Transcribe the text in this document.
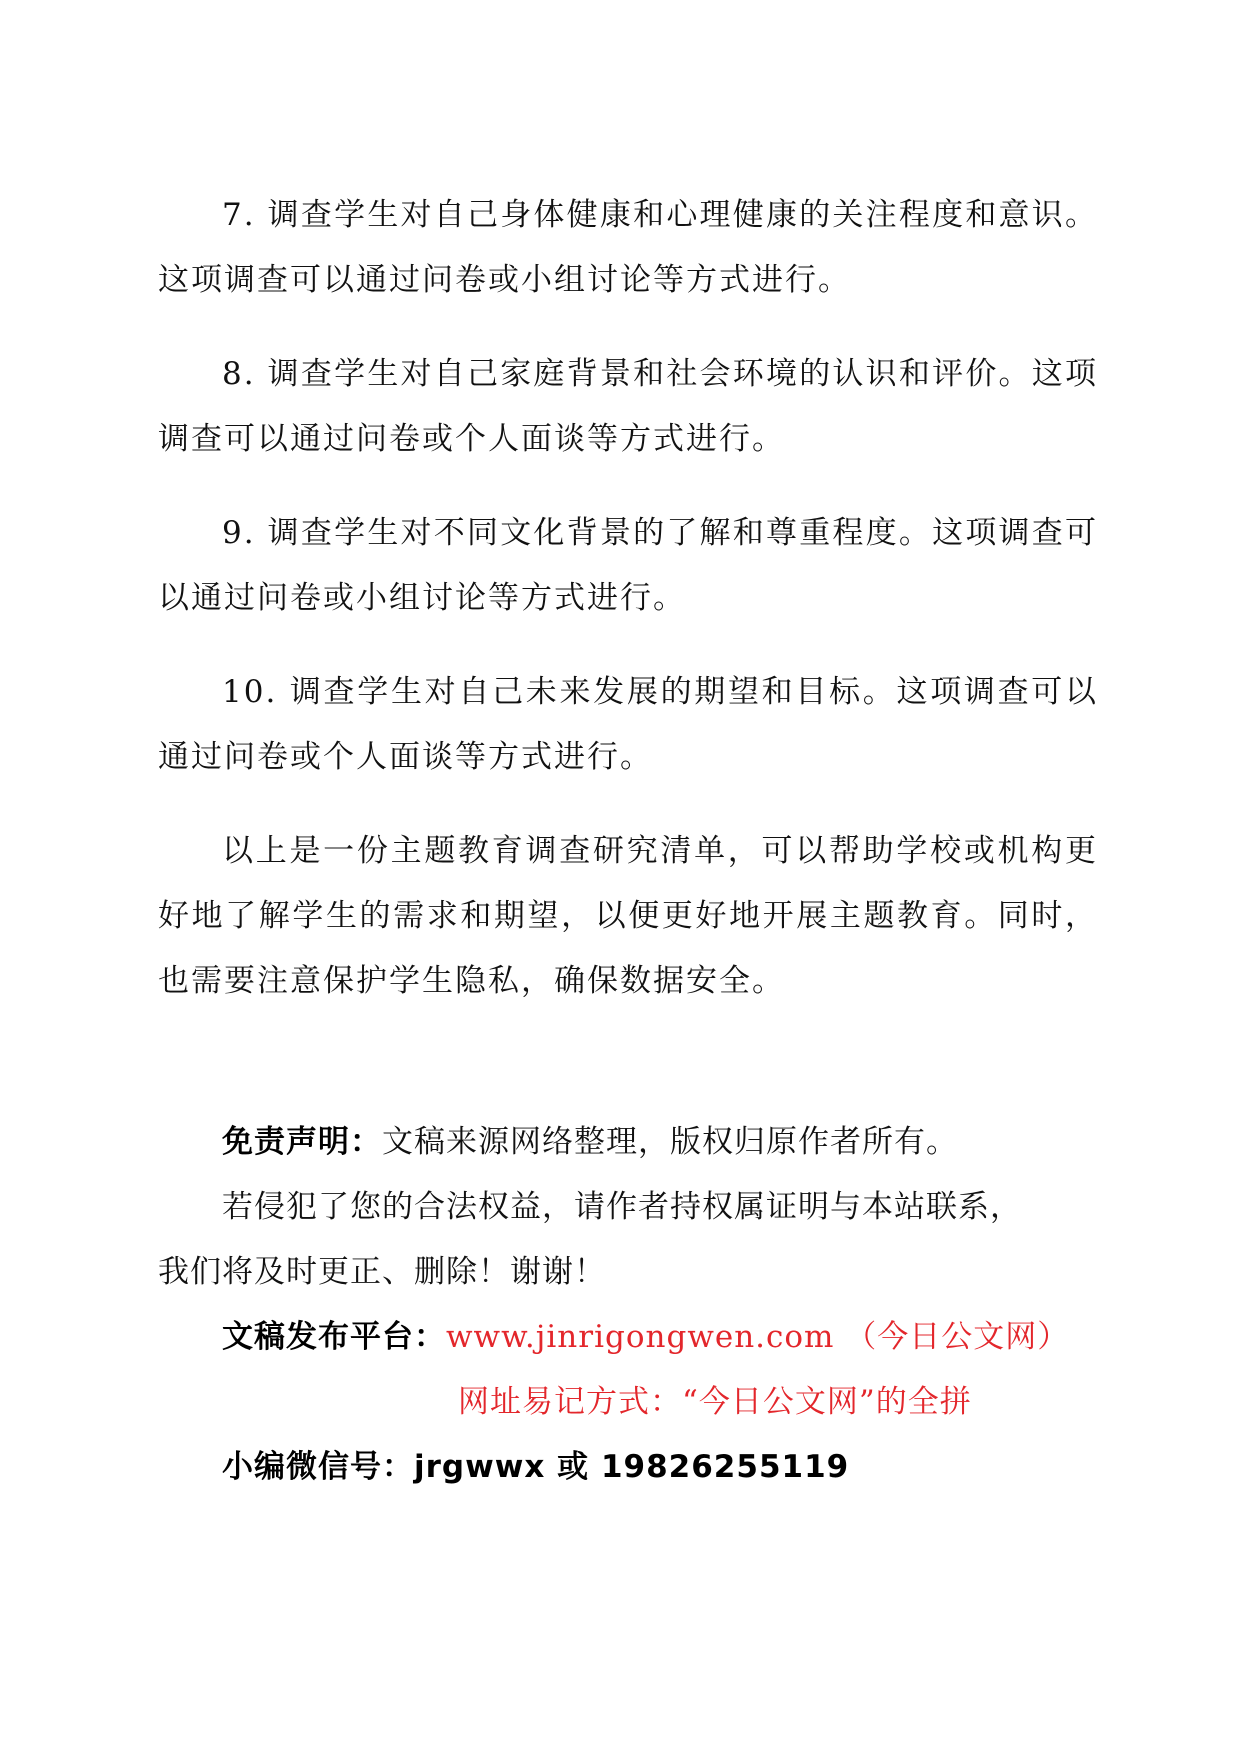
7. 调查学生对自己身体健康和心理健康的关注程度和意识。这项调查可以通过问卷或小组讨论等方式进行。

8. 调查学生对自己家庭背景和社会环境的认识和评价。这项调查可以通过问卷或个人面谈等方式进行。

9. 调查学生对不同文化背景的了解和尊重程度。这项调查可以通过问卷或小组讨论等方式进行。

10. 调查学生对自己未来发展的期望和目标。这项调查可以通过问卷或个人面谈等方式进行。

以上是一份主题教育调查研究清单，可以帮助学校或机构更好地了解学生的需求和期望，以便更好地开展主题教育。同时，也需要注意保护学生隐私，确保数据安全。

免责声明：文稿来源网络整理，版权归原作者所有。

若侵犯了您的合法权益，请作者持权属证明与本站联系，

我们将及时更正、删除！谢谢！

文稿发布平台：www.jinrigongwen.com （今日公文网）

网址易记方式：“今日公文网”的全拼

小编微信号：jrgwwx 或 19826255119
